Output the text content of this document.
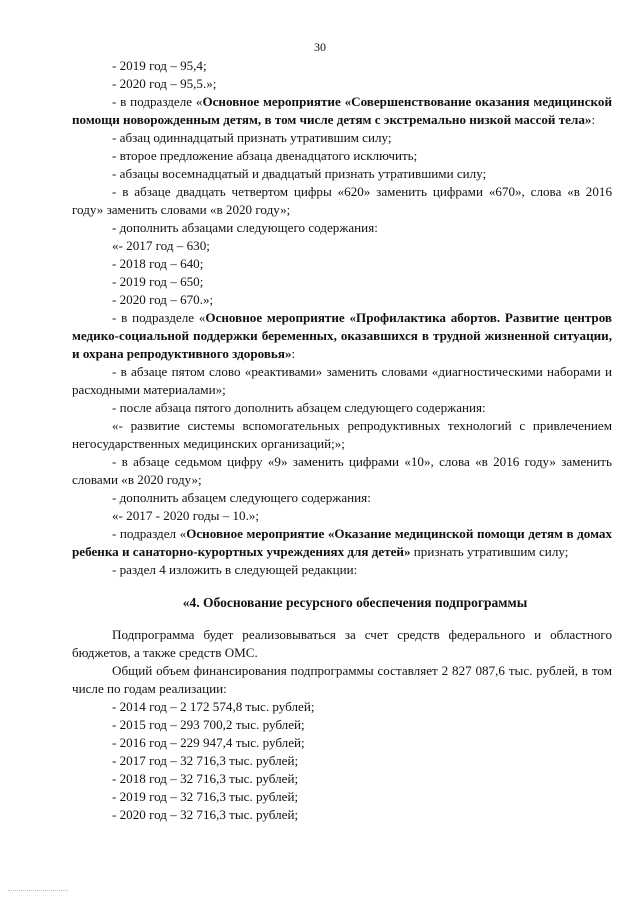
30

- 2019 год – 95,4;

- 2020 год – 95,5.»;

- в подразделе «Основное мероприятие «Совершенствование оказания медицинской помощи новорожденным детям, в том числе детям с экстремально низкой массой тела»:

- абзац одиннадцатый признать утратившим силу;

- второе предложение абзаца двенадцатого исключить;

- абзацы восемнадцатый и двадцатый признать утратившими силу;

- в абзаце двадцать четвертом цифры «620» заменить цифрами «670», слова «в 2016 году» заменить словами «в 2020 году»;

- дополнить абзацами следующего содержания:

«- 2017 год – 630;

- 2018 год – 640;

- 2019 год – 650;

- 2020 год – 670.»;

- в подразделе «Основное мероприятие «Профилактика абортов. Развитие центров медико-социальной поддержки беременных, оказавшихся в трудной жизненной ситуации, и охрана репродуктивного здоровья»:

- в абзаце пятом слово «реактивами» заменить словами «диагностическими наборами и расходными материалами»;

- после абзаца пятого дополнить абзацем следующего содержания:

«- развитие системы вспомогательных репродуктивных технологий с привлечением негосударственных медицинских организаций;»;

- в абзаце седьмом цифру «9» заменить цифрами «10», слова «в 2016 году» заменить словами «в 2020 году»;

- дополнить абзацем следующего содержания:

«- 2017 - 2020 годы – 10.»;

- подраздел «Основное мероприятие «Оказание медицинской помощи детям в домах ребенка и санаторно-курортных учреждениях для детей» признать утратившим силу;

- раздел 4 изложить в следующей редакции:

«4. Обоснование ресурсного обеспечения подпрограммы

Подпрограмма будет реализовываться за счет средств федерального и областного бюджетов, а также средств ОМС.

Общий объем финансирования подпрограммы составляет 2 827 087,6 тыс. рублей, в том числе по годам реализации:

- 2014 год – 2 172 574,8 тыс. рублей;

- 2015 год – 293 700,2 тыс. рублей;

- 2016 год – 229 947,4 тыс. рублей;

- 2017 год – 32 716,3 тыс. рублей;

- 2018 год – 32 716,3 тыс. рублей;

- 2019 год – 32 716,3 тыс. рублей;

- 2020 год – 32 716,3 тыс. рублей;
